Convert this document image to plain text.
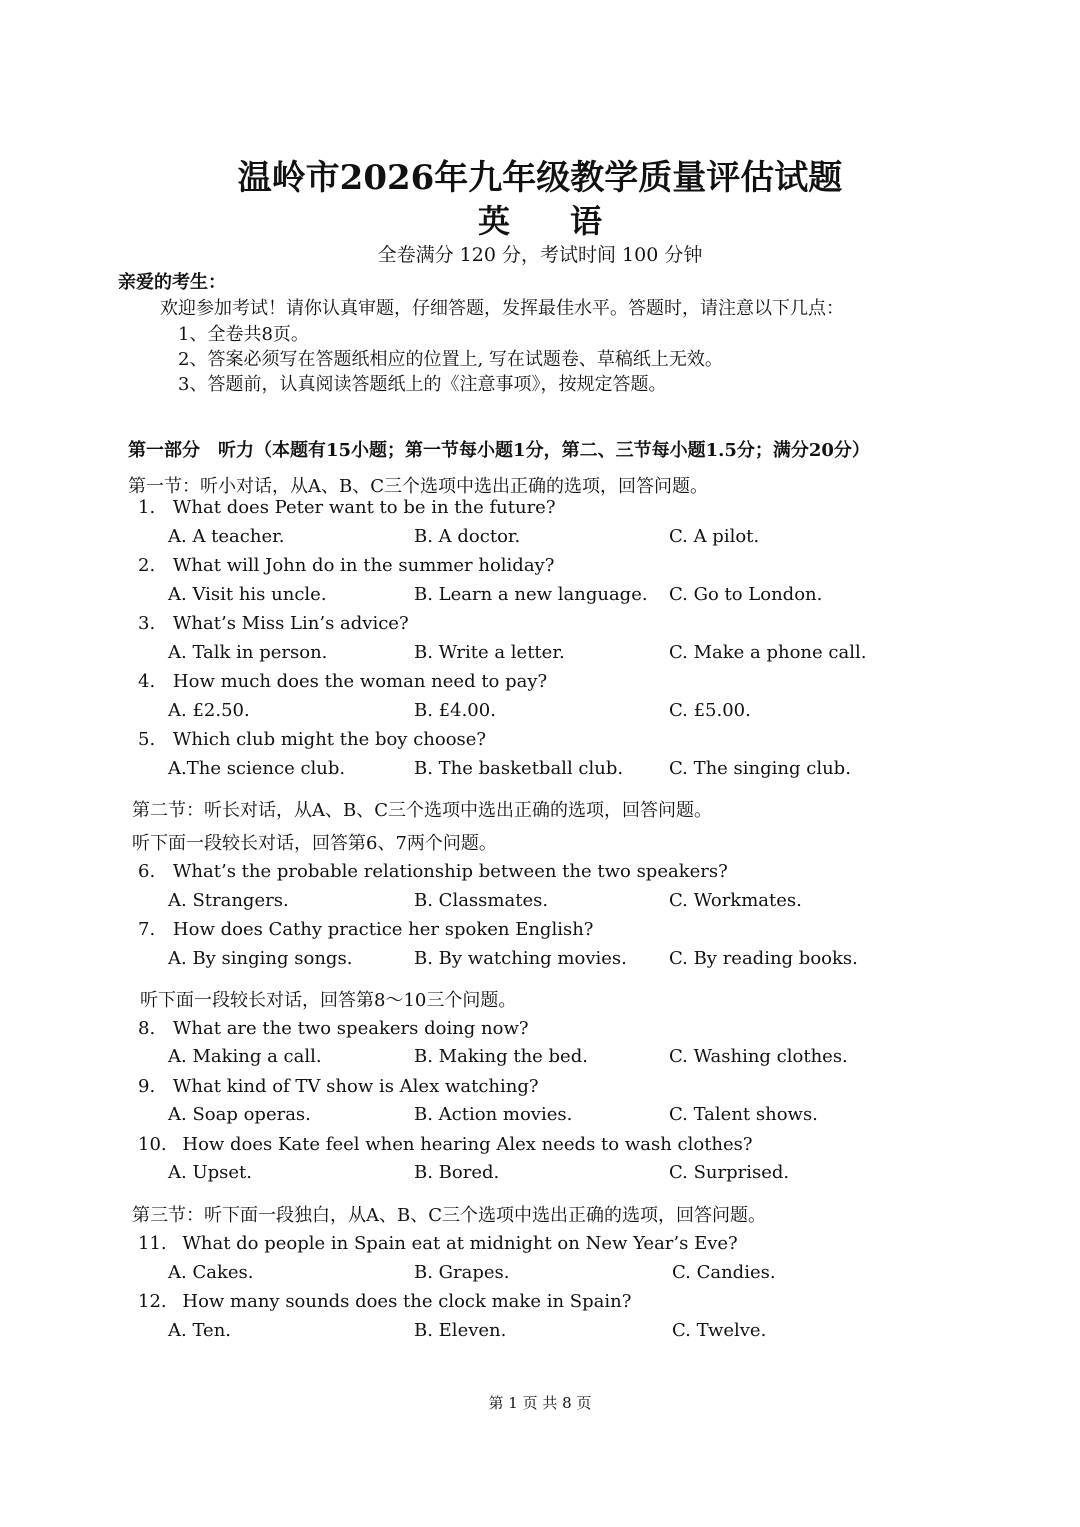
温岭市2026年九年级教学质量评估试题
英语
全卷满分 120 分，考试时间 100 分钟
亲爱的考生：
欢迎参加考试！请你认真审题，仔细答题，发挥最佳水平。答题时，请注意以下几点：
1、全卷共8页。
2、答案必须写在答题纸相应的位置上, 写在试题卷、草稿纸上无效。
3、答题前，认真阅读答题纸上的《注意事项》，按规定答题。
第一部分　听力（本题有15小题；第一节每小题1分，第二、三节每小题1.5分；满分20分）
第一节：听小对话，从A、B、C三个选项中选出正确的选项，回答问题。
1. What does Peter want to be in the future?
A. A teacher.	B. A doctor.	C. A pilot.
2. What will John do in the summer holiday?
A. Visit his uncle.	B. Learn a new language. C. Go to London.
3. What’s Miss Lin’s advice?
A. Talk in person.	B. Write a letter.	C. Make a phone call.
4. How much does the woman need to pay?
A. £2.50.	B. £4.00.	C. £5.00.
5. Which club might the boy choose?
A.The science club.	B. The basketball club.	C. The singing club.
第二节：听长对话，从A、B、C三个选项中选出正确的选项，回答问题。
听下面一段较长对话，回答第6、7两个问题。
6. What’s the probable relationship between the two speakers?
A. Strangers.	B. Classmates.	C. Workmates.
7. How does Cathy practice her spoken English?
A. By singing songs.	B. By watching movies. C. By reading books.
听下面一段较长对话，回答第8～10三个问题。
8. What are the two speakers doing now?
A. Making a call.	B. Making the bed.	C. Washing clothes.
9. What kind of TV show is Alex watching?
A. Soap operas.	B. Action movies.	C. Talent shows.
10. How does Kate feel when hearing Alex needs to wash clothes?
A. Upset.	B. Bored.	C. Surprised.
第三节：听下面一段独白，从A、B、C三个选项中选出正确的选项，回答问题。
11. What do people in Spain eat at midnight on New Year’s Eve?
A. Cakes.	B. Grapes.	C. Candies.
12. How many sounds does the clock make in Spain?
A. Ten.	B. Eleven.	C. Twelve.
第 1 页 共 8 页
